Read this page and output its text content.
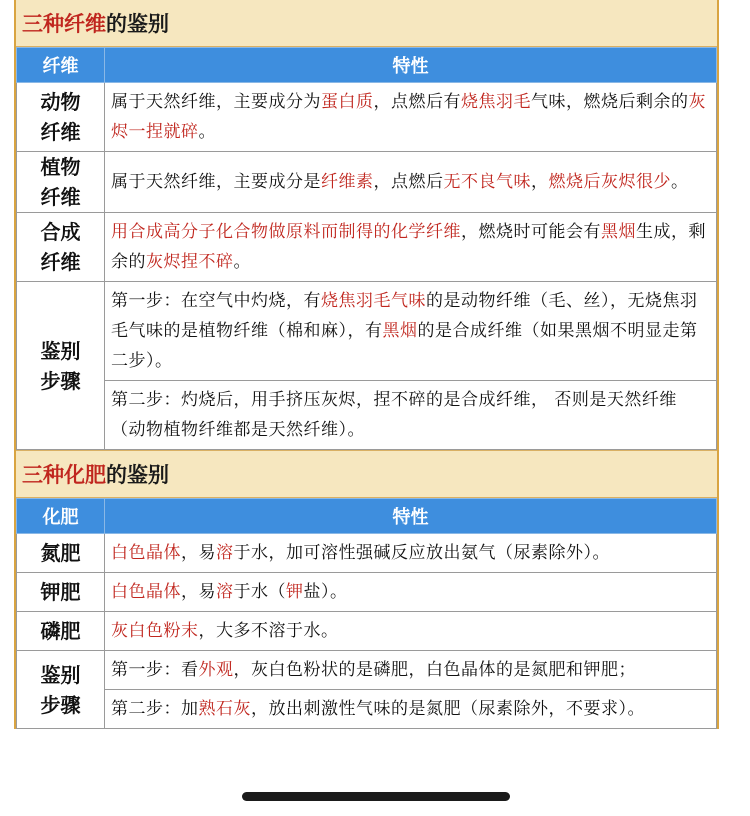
三种 纤维 的鉴别
纤维	特性
动物
纤维	属于天然纤维，主要成分为蛋白质，点燃后有烧焦羽毛气味，燃烧后剩余的灰烬一捏就碎。
植物
纤维	属于天然纤维，主要成分是纤维素，点燃后无不良气味，燃烧后灰烬很少。
合成
纤维	用合成高分子化合物做原料而制得的化学纤维，燃烧时可能会有黑烟生成，剩余的灰烬捏不碎。
鉴别
步骤	第一步：在空气中灼烧，有烧焦羽毛气味的是动物纤维（毛、丝），无烧焦羽毛气味的是植物纤维（棉和麻），有黑烟的是合成纤维（如果黑烟不明显走第二步）。
	第二步：灼烧后，用手挤压灰烬，捏不碎的是合成纤维， 否则是天然纤维（动物植物纤维都是天然纤维）。
三种 化肥 的鉴别
化肥	特性
氮肥	白色晶体，易溶于水，加可溶性强碱反应放出氨气（尿素除外）。
钾肥	白色晶体，易溶于水（钾盐）。
磷肥	灰白色粉末，大多不溶于水。
鉴别
步骤	第一步：看外观，灰白色粉状的是磷肥，白色晶体的是氮肥和钾肥；
	第二步：加熟石灰，放出刺激性气味的是氮肥（尿素除外，不要求）。
